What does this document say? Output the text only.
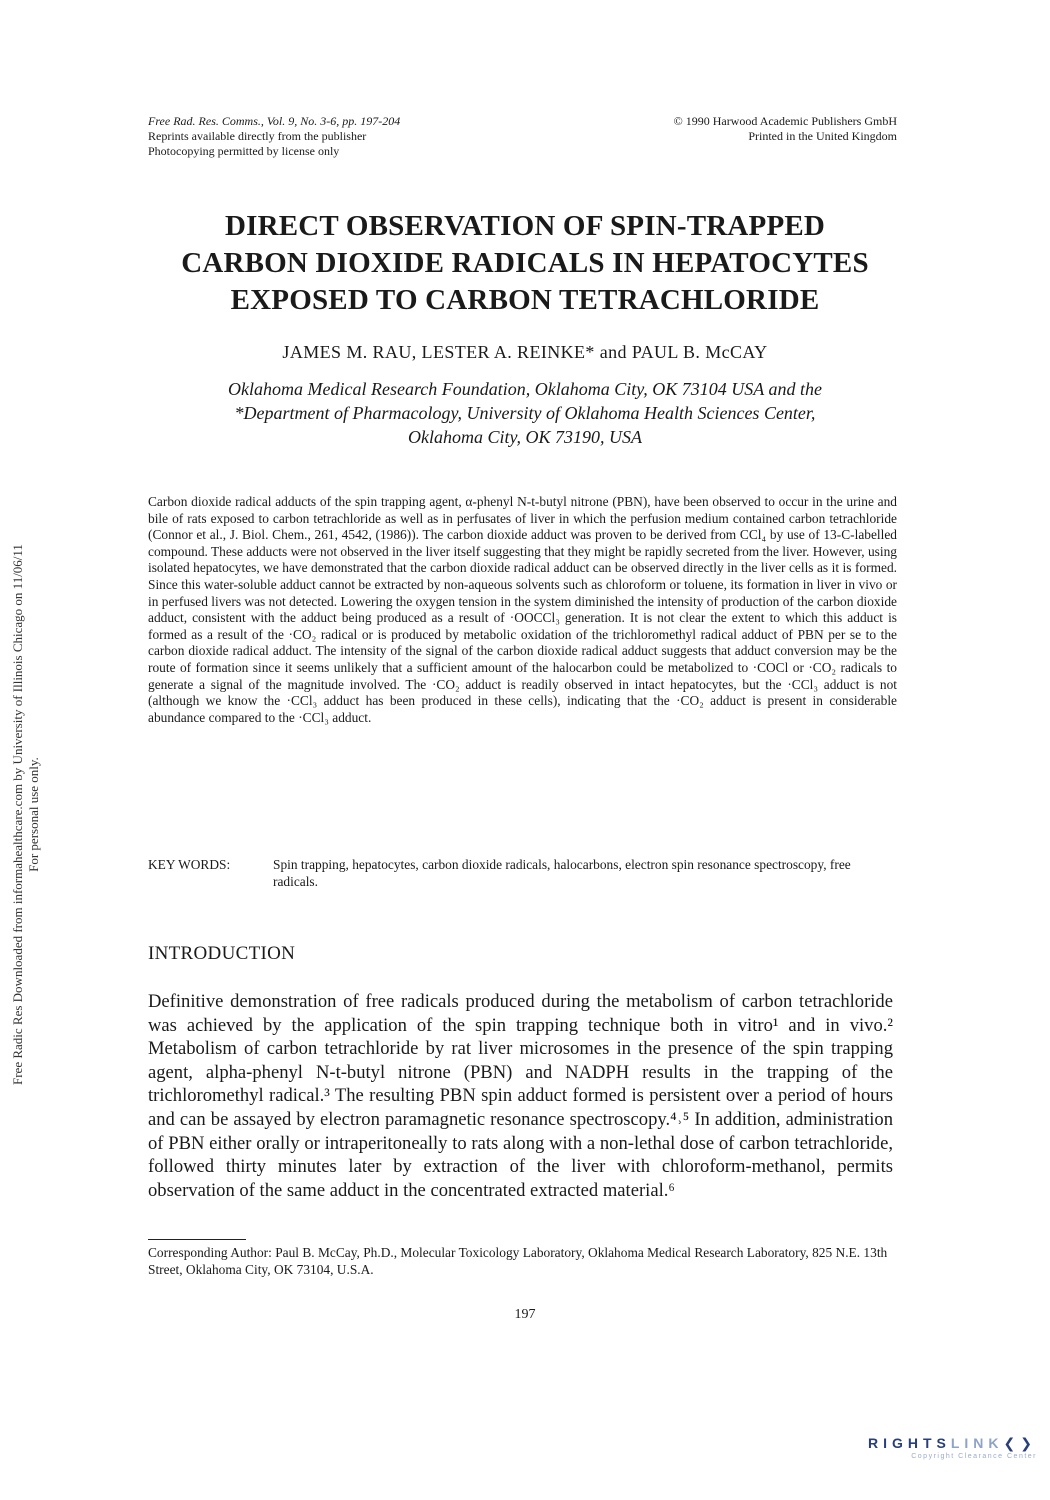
Free Rad. Res. Comms., Vol. 9, No. 3-6, pp. 197-204
Reprints available directly from the publisher
Photocopying permitted by license only
© 1990 Harwood Academic Publishers GmbH
Printed in the United Kingdom
DIRECT OBSERVATION OF SPIN-TRAPPED
CARBON DIOXIDE RADICALS IN HEPATOCYTES
EXPOSED TO CARBON TETRACHLORIDE
JAMES M. RAU, LESTER A. REINKE* and PAUL B. McCAY
Oklahoma Medical Research Foundation, Oklahoma City, OK 73104 USA and the
*Department of Pharmacology, University of Oklahoma Health Sciences Center,
Oklahoma City, OK 73190, USA
Carbon dioxide radical adducts of the spin trapping agent, α-phenyl N-t-butyl nitrone (PBN), have been observed to occur in the urine and bile of rats exposed to carbon tetrachloride as well as in perfusates of liver in which the perfusion medium contained carbon tetrachloride (Connor et al., J. Biol. Chem., 261, 4542, (1986)). The carbon dioxide adduct was proven to be derived from CCl₄ by use of 13-C-labelled compound. These adducts were not observed in the liver itself suggesting that they might be rapidly secreted from the liver. However, using isolated hepatocytes, we have demonstrated that the carbon dioxide radical adduct can be observed directly in the liver cells as it is formed. Since this water-soluble adduct cannot be extracted by non-aqueous solvents such as chloroform or toluene, its formation in liver in vivo or in perfused livers was not detected. Lowering the oxygen tension in the system diminished the intensity of production of the carbon dioxide adduct, consistent with the adduct being produced as a result of ·OOCCl₃ generation. It is not clear the extent to which this adduct is formed as a result of the ·CO₂ radical or is produced by metabolic oxidation of the trichloromethyl radical adduct of PBN per se to the carbon dioxide radical adduct. The intensity of the signal of the carbon dioxide radical adduct suggests that adduct conversion may be the route of formation since it seems unlikely that a sufficient amount of the halocarbon could be metabolized to ·COCl or ·CO₂ radicals to generate a signal of the magnitude involved. The ·CO₂ adduct is readily observed in intact hepatocytes, but the ·CCl₃ adduct is not (although we know the ·CCl₃ adduct has been produced in these cells), indicating that the ·CO₂ adduct is present in considerable abundance compared to the ·CCl₃ adduct.
KEY WORDS:	Spin trapping, hepatocytes, carbon dioxide radicals, halocarbons, electron spin resonance spectroscopy, free radicals.
INTRODUCTION
Definitive demonstration of free radicals produced during the metabolism of carbon tetrachloride was achieved by the application of the spin trapping technique both in vitro¹ and in vivo.² Metabolism of carbon tetrachloride by rat liver microsomes in the presence of the spin trapping agent, alpha-phenyl N-t-butyl nitrone (PBN) and NADPH results in the trapping of the trichloromethyl radical.³ The resulting PBN spin adduct formed is persistent over a period of hours and can be assayed by electron paramagnetic resonance spectroscopy.⁴˒⁵ In addition, administration of PBN either orally or intraperitoneally to rats along with a non-lethal dose of carbon tetrachloride, followed thirty minutes later by extraction of the liver with chloroform-methanol, permits observation of the same adduct in the concentrated extracted material.⁶
Corresponding Author: Paul B. McCay, Ph.D., Molecular Toxicology Laboratory, Oklahoma Medical Research Laboratory, 825 N.E. 13th Street, Oklahoma City, OK 73104, U.S.A.
197
Free Radic Res Downloaded from informahealthcare.com by University of Illinois Chicago on 11/06/11 For personal use only.
RIGHTSLINK❮❯
Copyright Clearance Center
